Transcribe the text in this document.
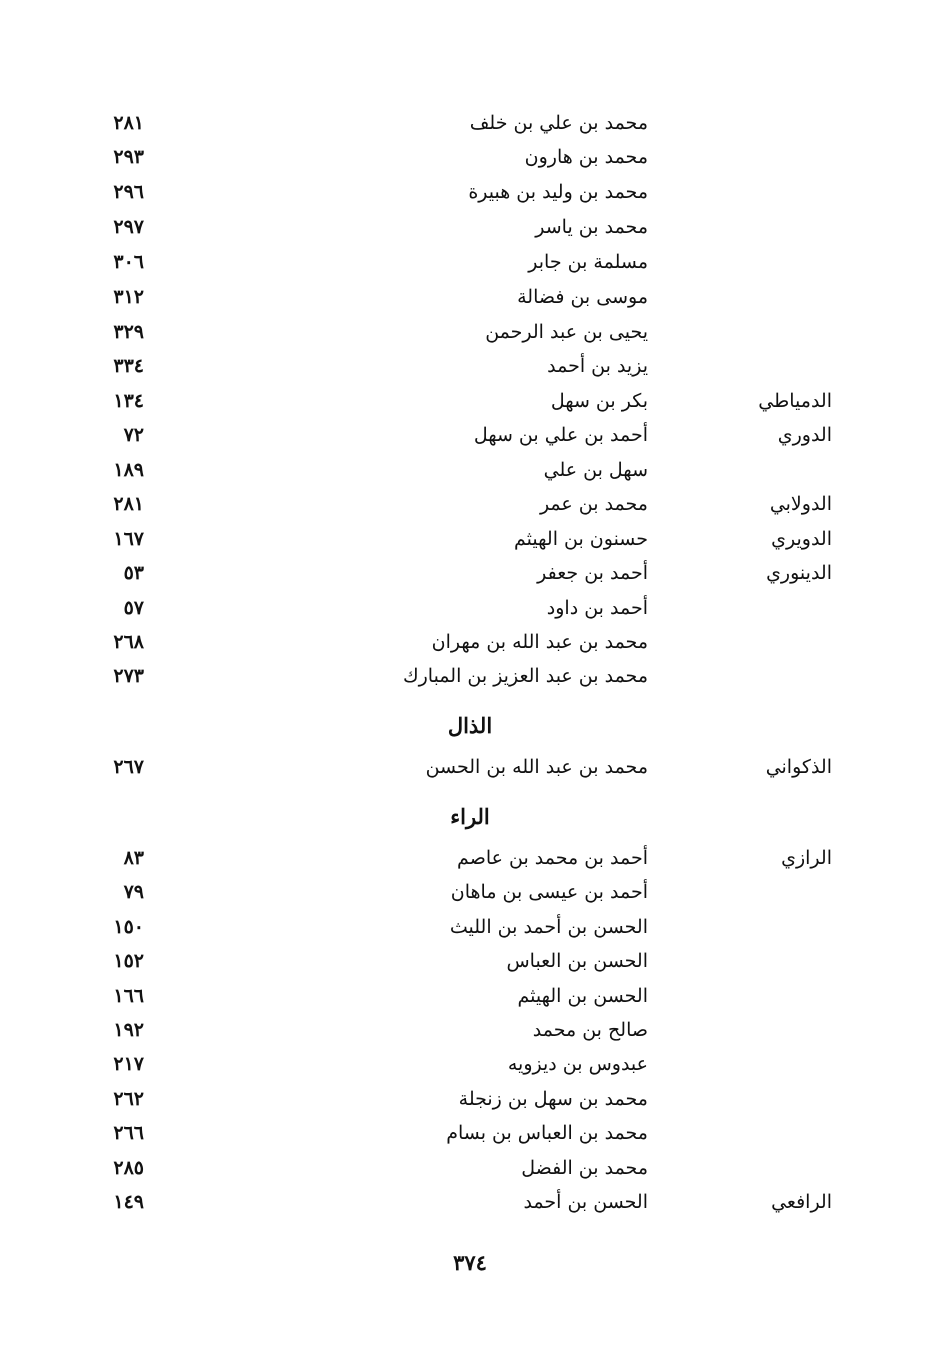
محمد بن علي بن خلف
٢٨١
محمد بن هارون
٢٩٣
محمد بن وليد بن هبيرة
٢٩٦
محمد بن ياسر
٢٩٧
مسلمة بن جابر
٣٠٦
موسى بن فضالة
٣١٢
يحيى بن عبد الرحمن
٣٢٩
يزيد بن أحمد
٣٣٤
الدمياطي
بكر بن سهل
١٣٤
الدوري
أحمد بن علي بن سهل
٧٢
سهل بن علي
١٨٩
الدولابي
محمد بن عمر
٢٨١
الدويري
حسنون بن الهيثم
١٦٧
الدينوري
أحمد بن جعفر
٥٣
أحمد بن داود
٥٧
محمد بن عبد الله بن مهران
٢٦٨
محمد بن عبد العزيز بن المبارك
٢٧٣
الذال
الذكواني
محمد بن عبد الله بن الحسن
٢٦٧
الراء
الرازي
أحمد بن محمد بن عاصم
٨٣
أحمد بن عيسى بن ماهان
٧٩
الحسن بن أحمد بن الليث
١٥٠
الحسن بن العباس
١٥٢
الحسن بن الهيثم
١٦٦
صالح بن محمد
١٩٢
عبدوس بن ديزويه
٢١٧
محمد بن سهل بن زنجلة
٢٦٢
محمد بن العباس بن بسام
٢٦٦
محمد بن الفضل
٢٨٥
الرافعي
الحسن بن أحمد
١٤٩
٣٧٤
